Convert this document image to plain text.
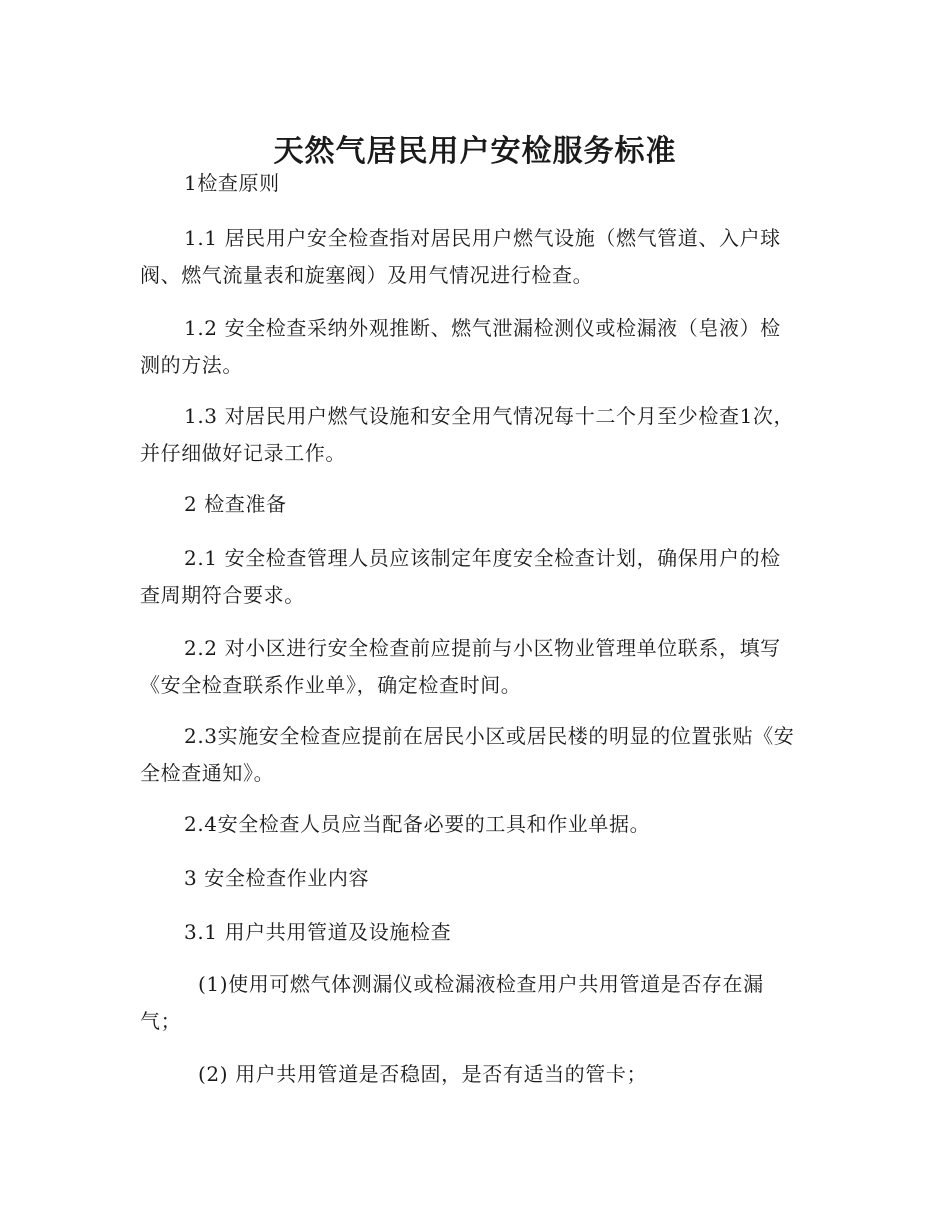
天然气居民用户安检服务标准

1检查原则

1.1 居民用户安全检查指对居民用户燃气设施（燃气管道、入户球阀、燃气流量表和旋塞阀）及用气情况进行检查。

1.2 安全检查采纳外观推断、燃气泄漏检测仪或检漏液（皂液）检测的方法。

1.3 对居民用户燃气设施和安全用气情况每十二个月至少检查1次，并仔细做好记录工作。

2 检查准备

2.1 安全检查管理人员应该制定年度安全检查计划，确保用户的检查周期符合要求。

2.2 对小区进行安全检查前应提前与小区物业管理单位联系，填写《安全检查联系作业单》，确定检查时间。

2.3实施安全检查应提前在居民小区或居民楼的明显的位置张贴《安全检查通知》。

2.4安全检查人员应当配备必要的工具和作业单据。

3 安全检查作业内容

3.1 用户共用管道及设施检查

(1)使用可燃气体测漏仪或检漏液检查用户共用管道是否存在漏气；

(2) 用户共用管道是否稳固，是否有适当的管卡；
